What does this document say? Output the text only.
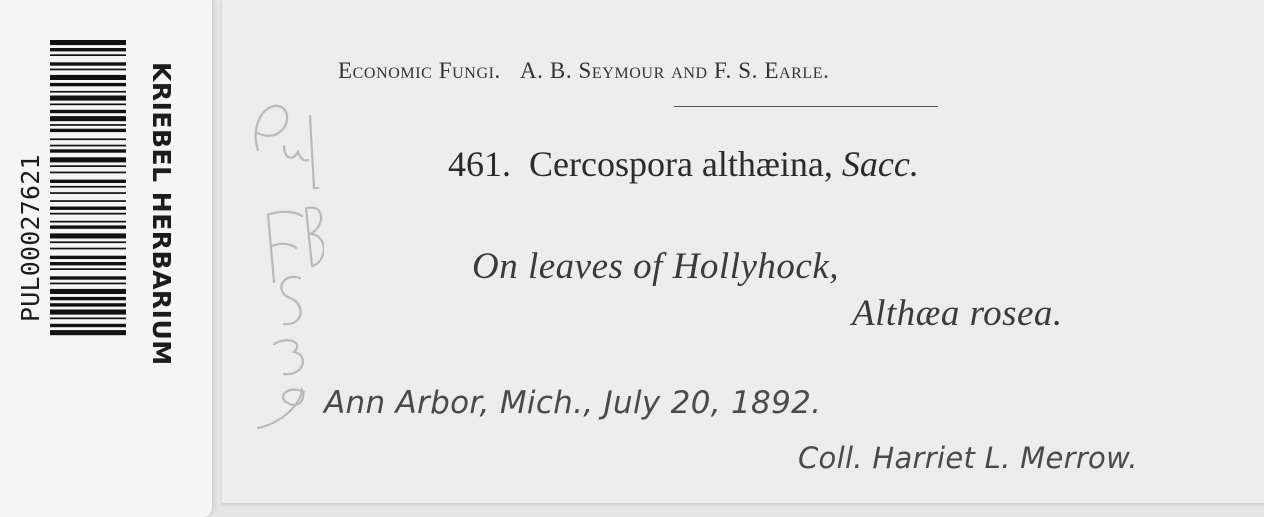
KRIEBEL HERBARIUM
PUL00027621
Economic Fungi. A. B. Seymour and F. S. Earle.
461. Cercospora althæina, Sacc.
On leaves of Hollyhock,
Althæa rosea.
Ann Arbor, Mich., July 20, 1892.
Coll. Harriet L. Merrow.
